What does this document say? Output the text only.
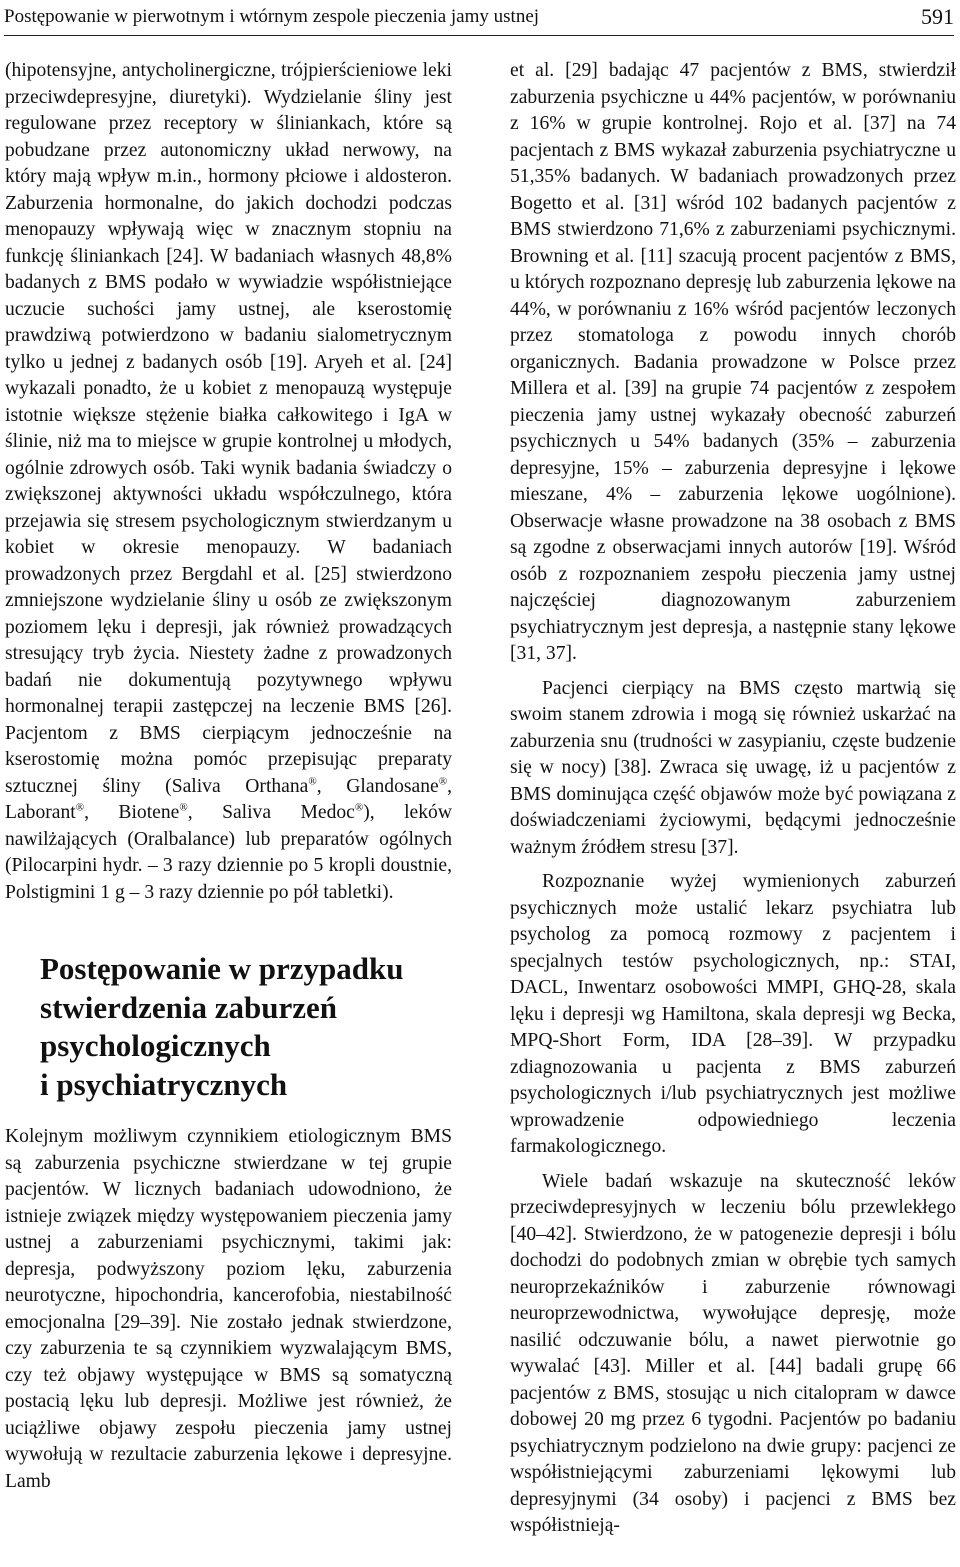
Postępowanie w pierwotnym i wtórnym zespole pieczenia jamy ustnej	591

(hipotensyjne, antycholinergiczne, trójpierścieniowe leki przeciwdepresyjne, diuretyki). Wydzielanie śliny jest regulowane przez receptory w śliniankach, które są pobudzane przez autonomiczny układ nerwowy, na który mają wpływ m.in., hormony płciowe i aldosteron. Zaburzenia hormonalne, do jakich dochodzi podczas menopauzy wpływają więc w znacznym stopniu na funkcję śliniankach [24]. W badaniach własnych 48,8% badanych z BMS podało w wywiadzie współistniejące uczucie suchości jamy ustnej, ale kserostomię prawdziwą potwierdzono w badaniu sialometrycznym tylko u jednej z badanych osób [19]. Aryeh et al. [24] wykazali ponadto, że u kobiet z menopauzą występuje istotnie większe stężenie białka całkowitego i IgA w ślinie, niż ma to miejsce w grupie kontrolnej u młodych, ogólnie zdrowych osób. Taki wynik badania świadczy o zwiększonej aktywności układu współczulnego, która przejawia się stresem psychologicznym stwierdzanym u kobiet w okresie menopauzy. W badaniach prowadzonych przez Bergdahl et al. [25] stwierdzono zmniejszone wydzielanie śliny u osób ze zwiększonym poziomem lęku i depresji, jak również prowadzących stresujący tryb życia. Niestety żadne z prowadzonych badań nie dokumentują pozytywnego wpływu hormonalnej terapii zastępczej na leczenie BMS [26]. Pacjentom z BMS cierpiącym jednocześnie na kserostomię można pomóc przepisując preparaty sztucznej śliny (Saliva Orthana®, Glandosane®, Laborant®, Biotene®, Saliva Medoc®), leków nawilżających (Oralbalance) lub preparatów ogólnych (Pilocarpini hydr. – 3 razy dziennie po 5 kropli doustnie, Polstigmini 1 g – 3 razy dziennie po pół tabletki).

Postępowanie w przypadku
stwierdzenia zaburzeń
psychologicznych
i psychiatrycznych

Kolejnym możliwym czynnikiem etiologicznym BMS są zaburzenia psychiczne stwierdzane w tej grupie pacjentów. W licznych badaniach udowodniono, że istnieje związek między występowaniem pieczenia jamy ustnej a zaburzeniami psychicznymi, takimi jak: depresja, podwyższony poziom lęku, zaburzenia neurotyczne, hipochondria, kancerofobia, niestabilność emocjonalna [29–39]. Nie zostało jednak stwierdzone, czy zaburzenia te są czynnikiem wyzwalającym BMS, czy też objawy występujące w BMS są somatyczną postacią lęku lub depresji. Możliwe jest również, że uciążliwe objawy zespołu pieczenia jamy ustnej wywołują w rezultacie zaburzenia lękowe i depresyjne. Lamb

et al. [29] badając 47 pacjentów z BMS, stwierdził zaburzenia psychiczne u 44% pacjentów, w porównaniu z 16% w grupie kontrolnej. Rojo et al. [37] na 74 pacjentach z BMS wykazał zaburzenia psychiatryczne u 51,35% badanych. W badaniach prowadzonych przez Bogetto et al. [31] wśród 102 badanych pacjentów z BMS stwierdzono 71,6% z zaburzeniami psychicznymi. Browning et al. [11] szacują procent pacjentów z BMS, u których rozpoznano depresję lub zaburzenia lękowe na 44%, w porównaniu z 16% wśród pacjentów leczonych przez stomatologa z powodu innych chorób organicznych. Badania prowadzone w Polsce przez Millera et al. [39] na grupie 74 pacjentów z zespołem pieczenia jamy ustnej wykazały obecność zaburzeń psychicznych u 54% badanych (35% – zaburzenia depresyjne, 15% – zaburzenia depresyjne i lękowe mieszane, 4% – zaburzenia lękowe uogólnione). Obserwacje własne prowadzone na 38 osobach z BMS są zgodne z obserwacjami innych autorów [19]. Wśród osób z rozpoznaniem zespołu pieczenia jamy ustnej najczęściej diagnozowanym zaburzeniem psychiatrycznym jest depresja, a następnie stany lękowe [31, 37].

Pacjenci cierpiący na BMS często martwią się swoim stanem zdrowia i mogą się również uskarżać na zaburzenia snu (trudności w zasypianiu, częste budzenie się w nocy) [38]. Zwraca się uwagę, iż u pacjentów z BMS dominująca część objawów może być powiązana z doświadczeniami życiowymi, będącymi jednocześnie ważnym źródłem stresu [37].

Rozpoznanie wyżej wymienionych zaburzeń psychicznych może ustalić lekarz psychiatra lub psycholog za pomocą rozmowy z pacjentem i specjalnych testów psychologicznych, np.: STAI, DACL, Inwentarz osobowości MMPI, GHQ-28, skala lęku i depresji wg Hamiltona, skala depresji wg Becka, MPQ-Short Form, IDA [28–39]. W przypadku zdiagnozowania u pacjenta z BMS zaburzeń psychologicznych i/lub psychiatrycznych jest możliwe wprowadzenie odpowiedniego leczenia farmakologicznego.

Wiele badań wskazuje na skuteczność leków przeciwdepresyjnych w leczeniu bólu przewlekłego [40–42]. Stwierdzono, że w patogenezie depresji i bólu dochodzi do podobnych zmian w obrębie tych samych neuroprzekaźników i zaburzenie równowagi neuroprzewodnictwa, wywołujące depresję, może nasilić odczuwanie bólu, a nawet pierwotnie go wywalać [43]. Miller et al. [44] badali grupę 66 pacjentów z BMS, stosując u nich citalopram w dawce dobowej 20 mg przez 6 tygodni. Pacjentów po badaniu psychiatrycznym podzielono na dwie grupy: pacjenci ze współistniejącymi zaburzeniami lękowymi lub depresyjnymi (34 osoby) i pacjenci z BMS bez współistnieją-
